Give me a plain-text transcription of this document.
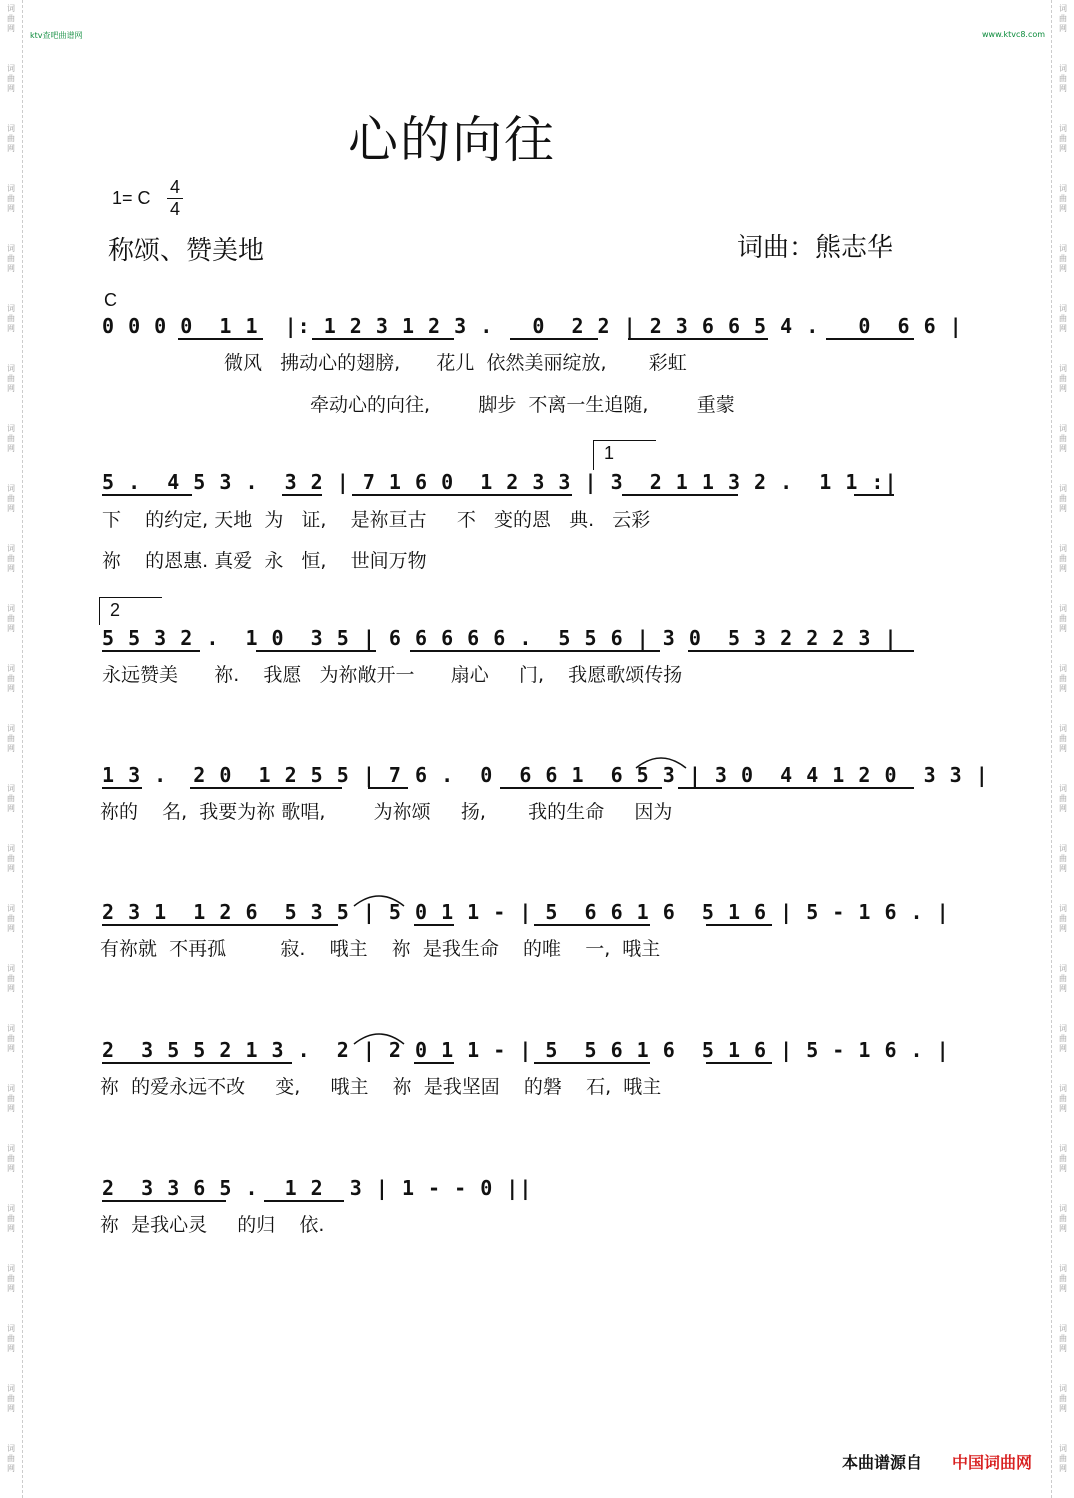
词
曲
网
词
曲
网
词
曲
网
词
曲
网
词
曲
网
词
曲
网
词
曲
网
词
曲
网
词
曲
网
词
曲
网
词
曲
网
词
曲
网
词
曲
网
词
曲
网
词
曲
网
词
曲
网
词
曲
网
词
曲
网
词
曲
网
词
曲
网
词
曲
网
词
曲
网
词
曲
网
词
曲
网
词
曲
网
词
曲
网
词
曲
网
词
曲
网
词
曲
网
词
曲
网
词
曲
网
词
曲
网
词
曲
网
词
曲
网
词
曲
网
词
曲
网
词
曲
网
词
曲
网
词
曲
网
词
曲
网
词
曲
网
词
曲
网
词
曲
网
词
曲
网
词
曲
网
词
曲
网
词
曲
网
词
曲
网
词
曲
网
词
曲
网
ktv查吧曲谱网	www.ktvc8.com
心的向往
1= C
4
4
称颂、赞美地	词曲：熊志华
C
0 0 0 0  1 1  |: 1 2 3 1 2 3 .   0  2 2 | 2 3 6 6 5 4 .   0  6 6 |
微风   拂动心的翅膀,      花儿  依然美丽绽放,       彩虹
牵动心的向往,        脚步  不离一生追随,        重蒙
1
5 .  4 5 3 .  3 2 | 7 1 6 0  1 2 3 3 | 3  2 1 1 3 2 .  1 1 :|
下    的约定, 天地  为   证,    是祢亘古     不   变的恩   典.   云彩
祢    的恩惠. 真爱  永   恒,    世间万物
2
5 5 3 2 .  1 0  3 5 | 6 6 6 6 6 .  5 5 6 | 3 0  5 3 2 2 2 3 |
永远赞美      祢.    我愿   为祢敞开一      扇心     门,    我愿歌颂传扬
1 3 .  2 0  1 2 5 5 | 7 6 .  0  6 6 1  6 5 3 | 3 0  4 4 1 2 0  3 3 |
祢的    名,  我要为祢 歌唱,        为祢颂     扬,       我的生命     因为
2 3 1  1 2 6  5 3 5 | 5 0 1 1 - | 5  6 6 1 6  5 1 6 | 5 - 1 6 . |
有祢就  不再孤         寂.    哦主    祢  是我生命    的唯    一,  哦主
2  3 5 5 2 1 3 .  2 | 2 0 1 1 - | 5  5 6 1 6  5 1 6 | 5 - 1 6 . |
祢  的爱永远不改     变,     哦主    祢  是我坚固    的磐    石,  哦主
2  3 3 6 5 .  1 2  3 | 1 - - 0 ||
祢  是我心灵     的归    依.
本曲谱源自 中国词曲网
